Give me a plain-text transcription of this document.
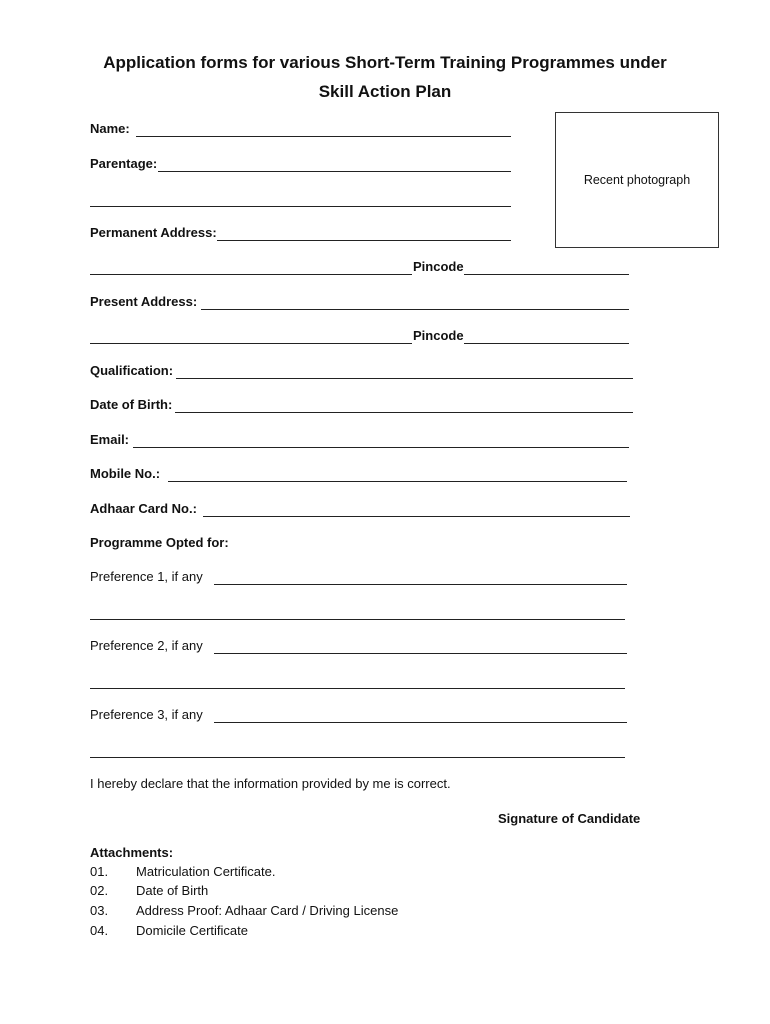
Application forms for various Short-Term Training Programmes under
Skill Action Plan
Name:
Parentage:
Recent photograph
Permanent Address:
Pincode
Present Address:
Pincode
Qualification:
Date of Birth:
Email:
Mobile No.:
Adhaar Card No.:
Programme Opted for:
Preference 1, if any
Preference 2, if any
Preference 3, if any
I hereby declare that the information provided by me is correct.
Signature of Candidate
Attachments:
01. Matriculation Certificate.
02. Date of Birth
03. Address Proof: Adhaar Card / Driving License
04. Domicile Certificate
